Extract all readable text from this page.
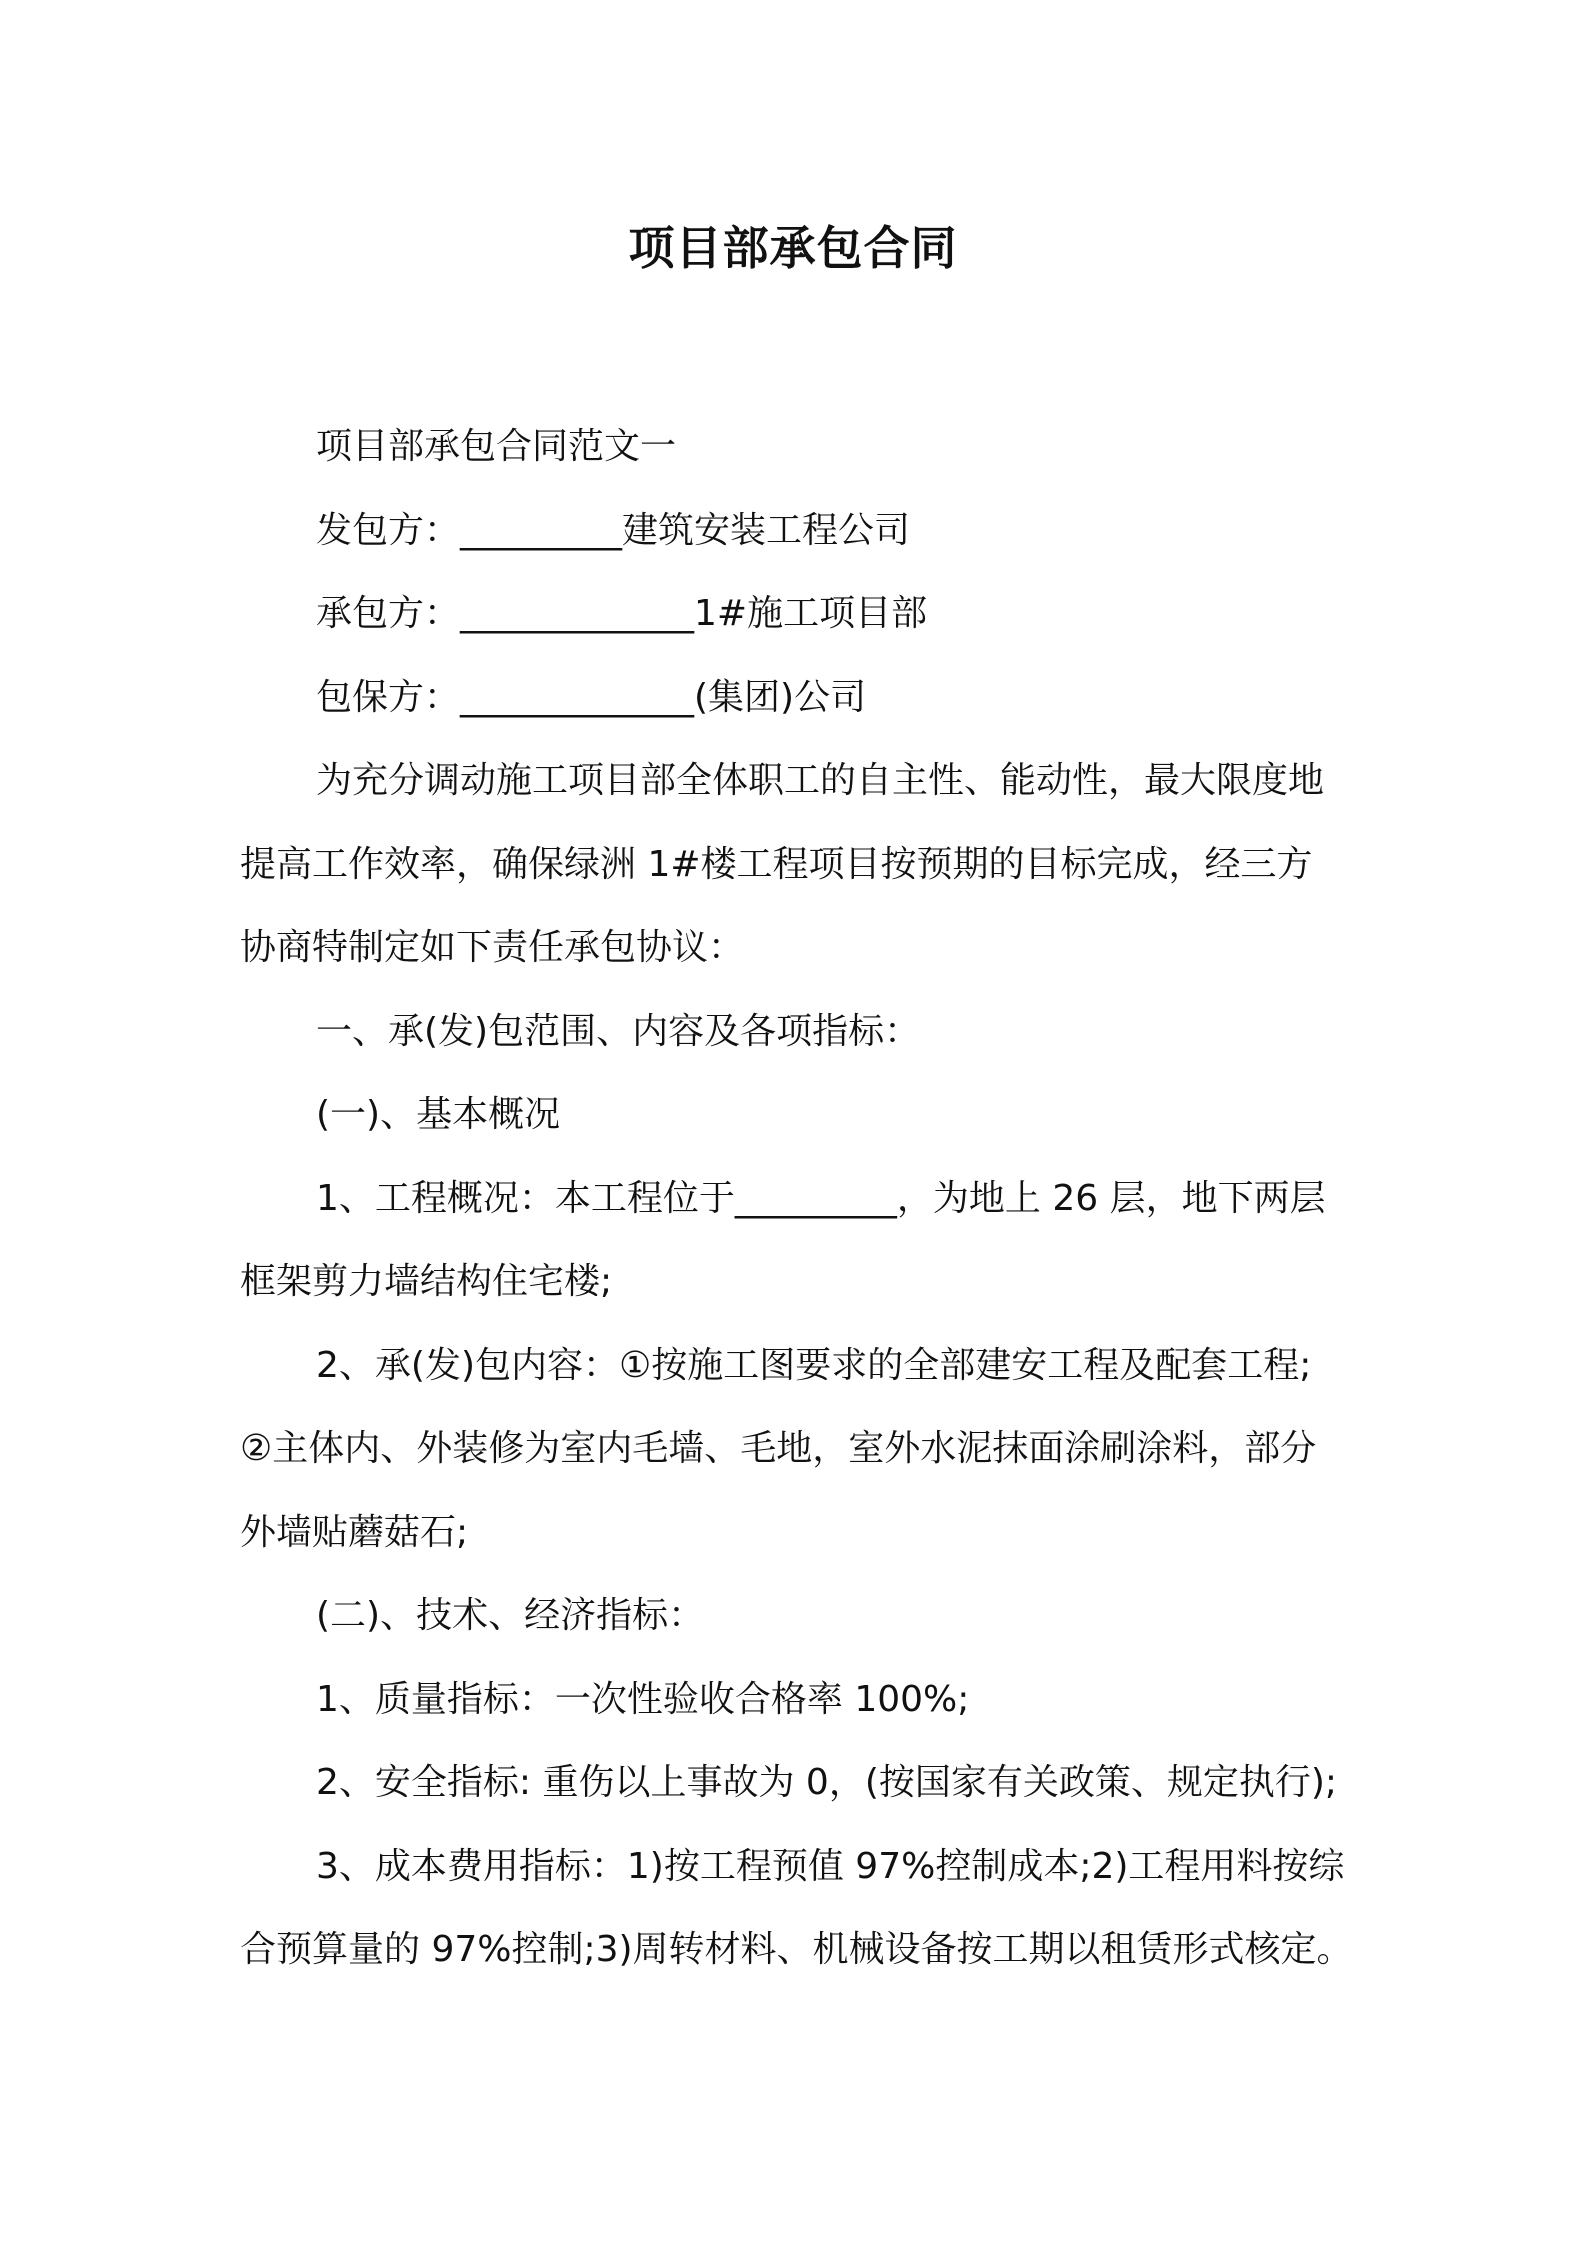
项目部承包合同

项目部承包合同范文一

发包方：_________建筑安装工程公司

承包方：_____________1#施工项目部

包保方：_____________(集团)公司

为充分调动施工项目部全体职工的自主性、能动性，最大限度地

提高工作效率，确保绿洲 1#楼工程项目按预期的目标完成，经三方

协商特制定如下责任承包协议：

一、承(发)包范围、内容及各项指标：

(一)、基本概况

1、工程概况：本工程位于_________，为地上 26 层，地下两层

框架剪力墙结构住宅楼;

2、承(发)包内容：①按施工图要求的全部建安工程及配套工程;

②主体内、外装修为室内毛墙、毛地，室外水泥抹面涂刷涂料，部分

外墙贴蘑菇石;

(二)、技术、经济指标：

1、质量指标：一次性验收合格率 100%;

2、安全指标: 重伤以上事故为 0，(按国家有关政策、规定执行);

3、成本费用指标：1)按工程预值 97%控制成本;2)工程用料按综

合预算量的 97%控制;3)周转材料、机械设备按工期以租赁形式核定。
